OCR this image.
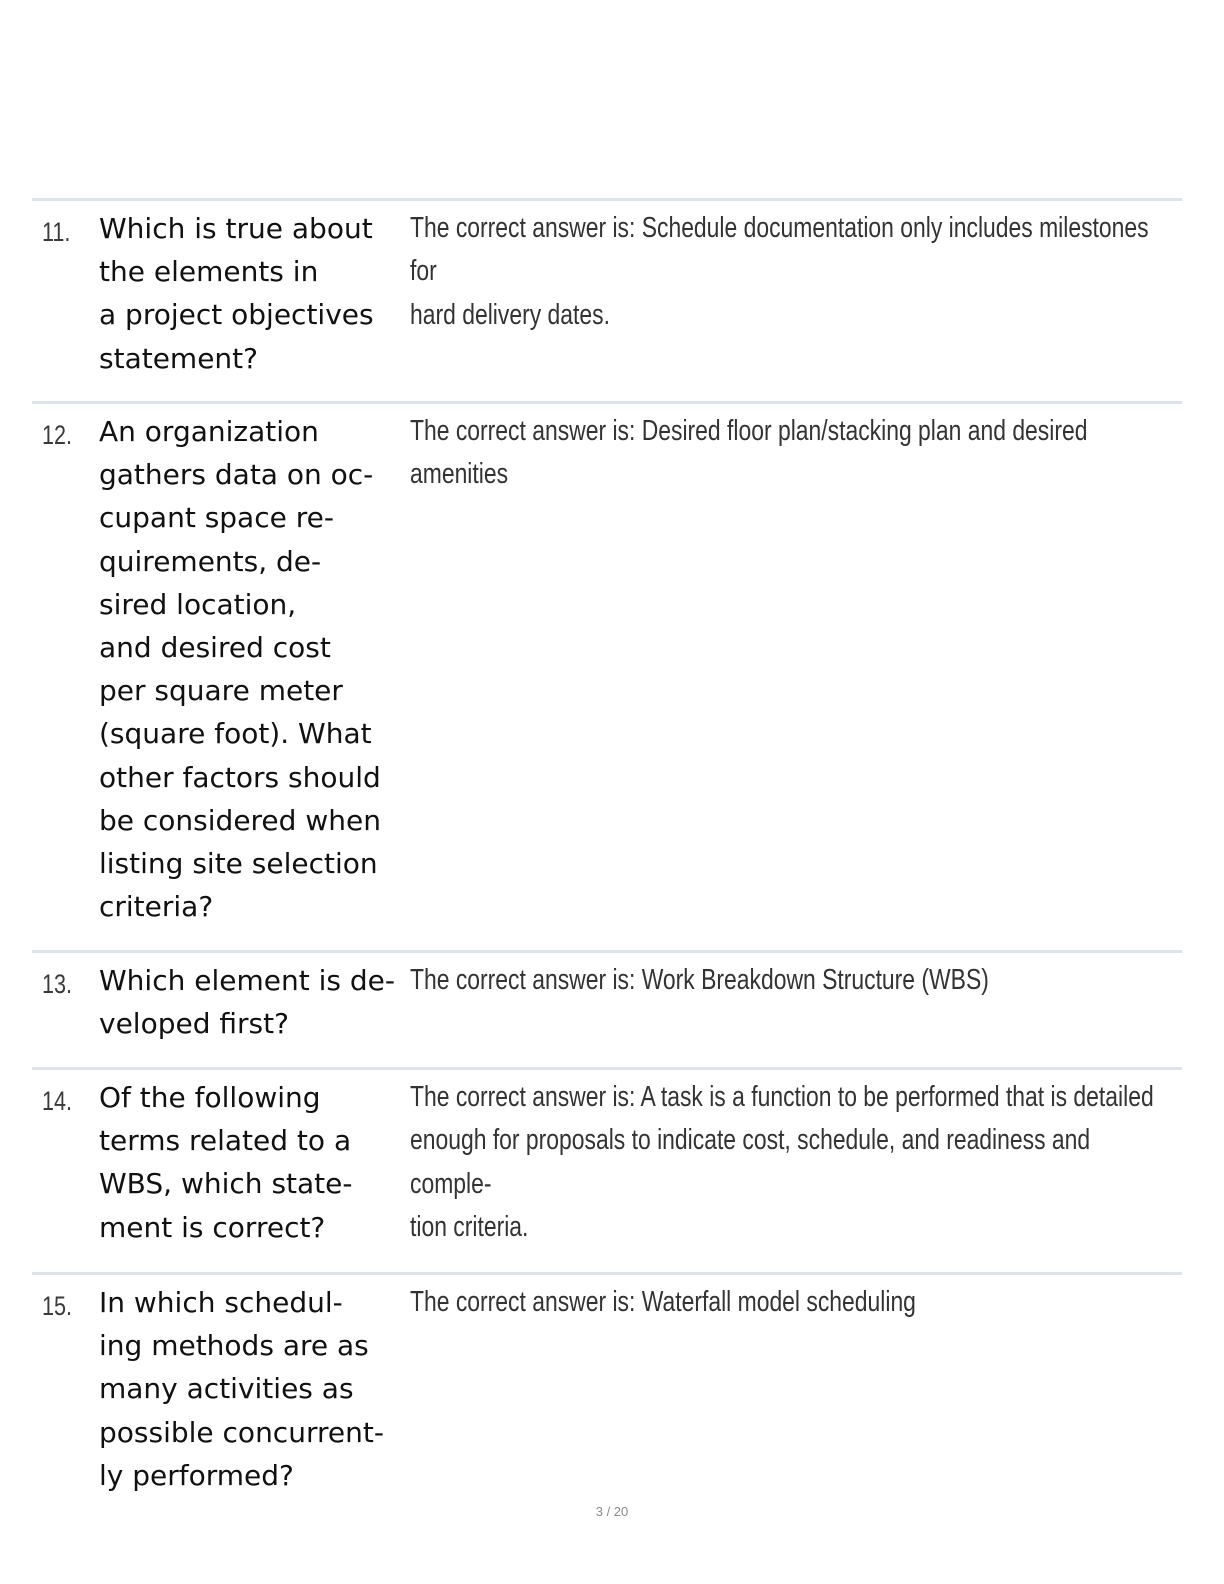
11. Which is true about
the elements in
a project objectives
statement?
The correct answer is: Schedule documentation only includes milestones for
hard delivery dates.
12. An organization
gathers data on oc-
cupant space re-
quirements, de-
sired location,
and desired cost
per square meter
(square foot). What
other factors should
be considered when
listing site selection
criteria?
The correct answer is: Desired floor plan/stacking plan and desired amenities
13. Which element is de-
veloped first?
The correct answer is: Work Breakdown Structure (WBS)
14. Of the following
terms related to a
WBS, which state-
ment is correct?
The correct answer is: A task is a function to be performed that is detailed
enough for proposals to indicate cost, schedule, and readiness and comple-
tion criteria.
15. In which schedul-
ing methods are as
many activities as
possible concurrent-
ly performed?
The correct answer is: Waterfall model scheduling
3 / 20
